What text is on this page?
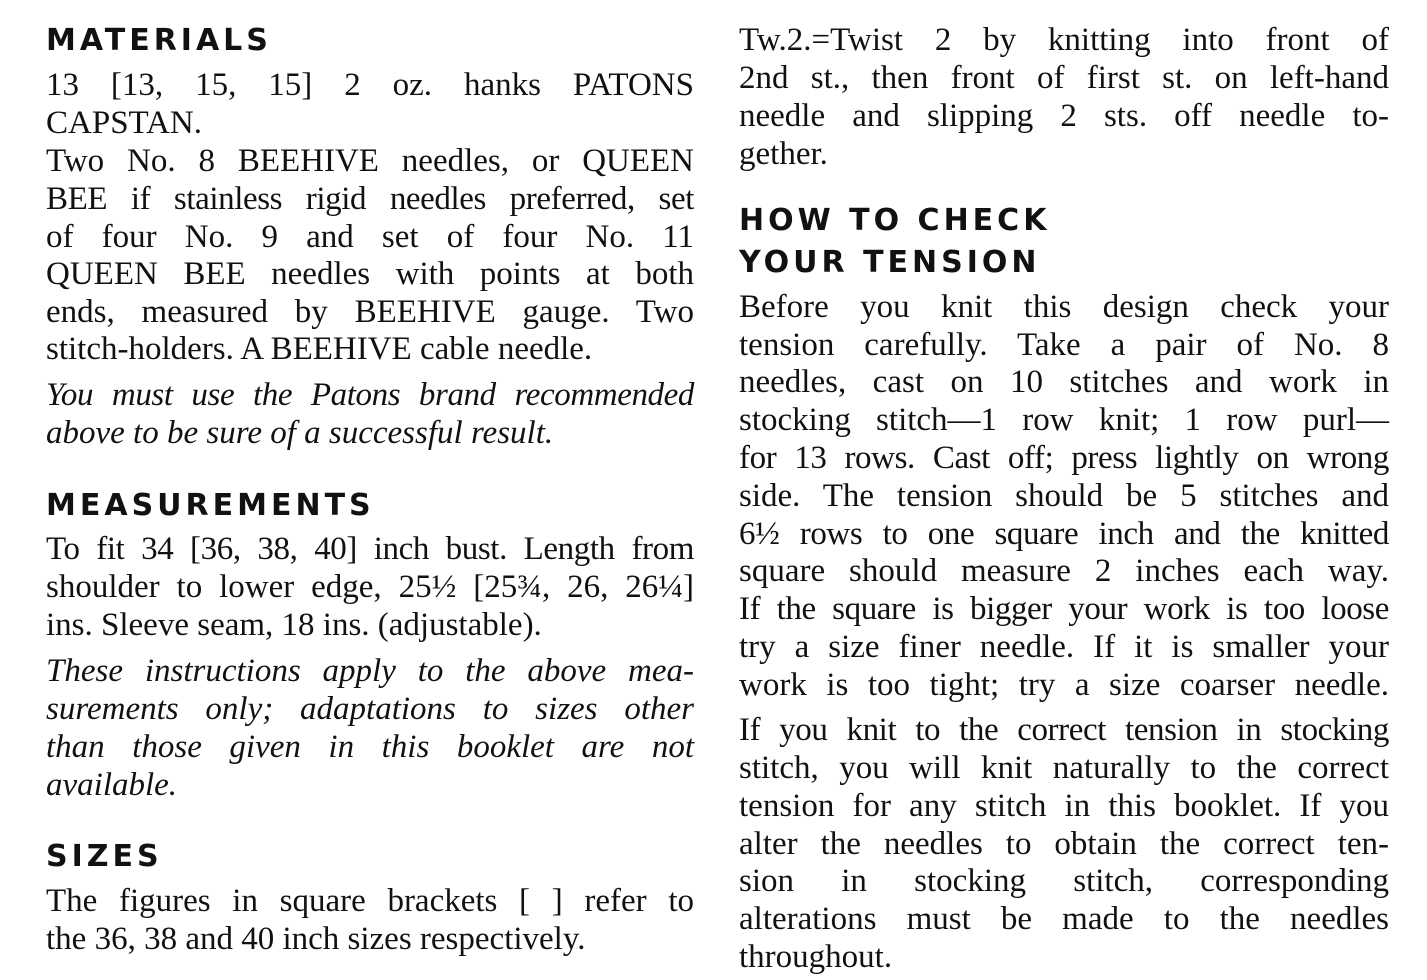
MATERIALS
13 [13, 15, 15] 2 oz. hanks PATONS
CAPSTAN.
Two No. 8 BEEHIVE needles, or QUEEN
BEE if stainless rigid needles preferred, set
of four No. 9 and set of four No. 11
QUEEN BEE needles with points at both
ends, measured by BEEHIVE gauge. Two
stitch-holders. A BEEHIVE cable needle.
You must use the Patons brand recommended
above to be sure of a successful result.
MEASUREMENTS
To fit 34 [36, 38, 40] inch bust. Length from
shoulder to lower edge, 25½ [25¾, 26, 26¼]
ins. Sleeve seam, 18 ins. (adjustable).
These instructions apply to the above mea-
surements only; adaptations to sizes other
than those given in this booklet are not
available.
SIZES
The figures in square brackets [ ] refer to
the 36, 38 and 40 inch sizes respectively.
Tw.2.=Twist 2 by knitting into front of
2nd st., then front of first st. on left-hand
needle and slipping 2 sts. off needle to-
gether.
HOW TO CHECK
YOUR TENSION
Before you knit this design check your
tension carefully. Take a pair of No. 8
needles, cast on 10 stitches and work in
stocking stitch—1 row knit; 1 row purl—
for 13 rows. Cast off; press lightly on wrong
side. The tension should be 5 stitches and
6½ rows to one square inch and the knitted
square should measure 2 inches each way.
If the square is bigger your work is too loose
try a size finer needle. If it is smaller your
work is too tight; try a size coarser needle.
If you knit to the correct tension in stocking
stitch, you will knit naturally to the correct
tension for any stitch in this booklet. If you
alter the needles to obtain the correct ten-
sion in stocking stitch, corresponding
alterations must be made to the needles
throughout.
